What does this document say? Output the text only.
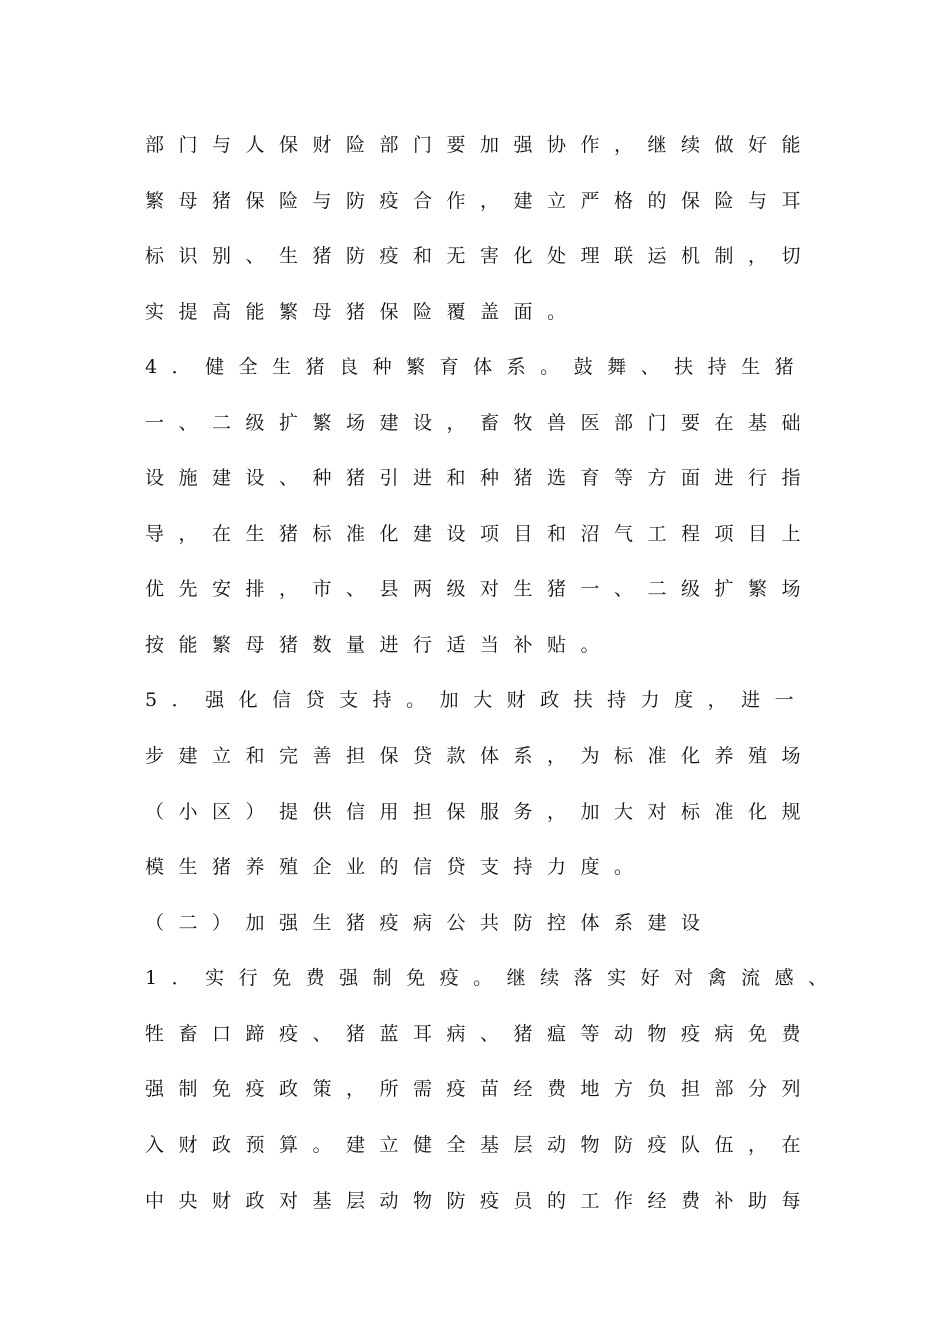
部门与人保财险部门要加强协作，继续做好能
繁母猪保险与防疫合作，建立严格的保险与耳
标识别、生猪防疫和无害化处理联运机制，切
实提高能繁母猪保险覆盖面。
4．健全生猪良种繁育体系。鼓舞、扶持生猪
一、二级扩繁场建设，畜牧兽医部门要在基础
设施建设、种猪引进和种猪选育等方面进行指
导，在生猪标准化建设项目和沼气工程项目上
优先安排，市、县两级对生猪一、二级扩繁场
按能繁母猪数量进行适当补贴。
5．强化信贷支持。加大财政扶持力度，进一
步建立和完善担保贷款体系，为标准化养殖场
（小区）提供信用担保服务，加大对标准化规
模生猪养殖企业的信贷支持力度。
（二）加强生猪疫病公共防控体系建设
1．实行免费强制免疫。继续落实好对禽流感、
牲畜口蹄疫、猪蓝耳病、猪瘟等动物疫病免费
强制免疫政策，所需疫苗经费地方负担部分列
入财政预算。建立健全基层动物防疫队伍，在
中央财政对基层动物防疫员的工作经费补助每
